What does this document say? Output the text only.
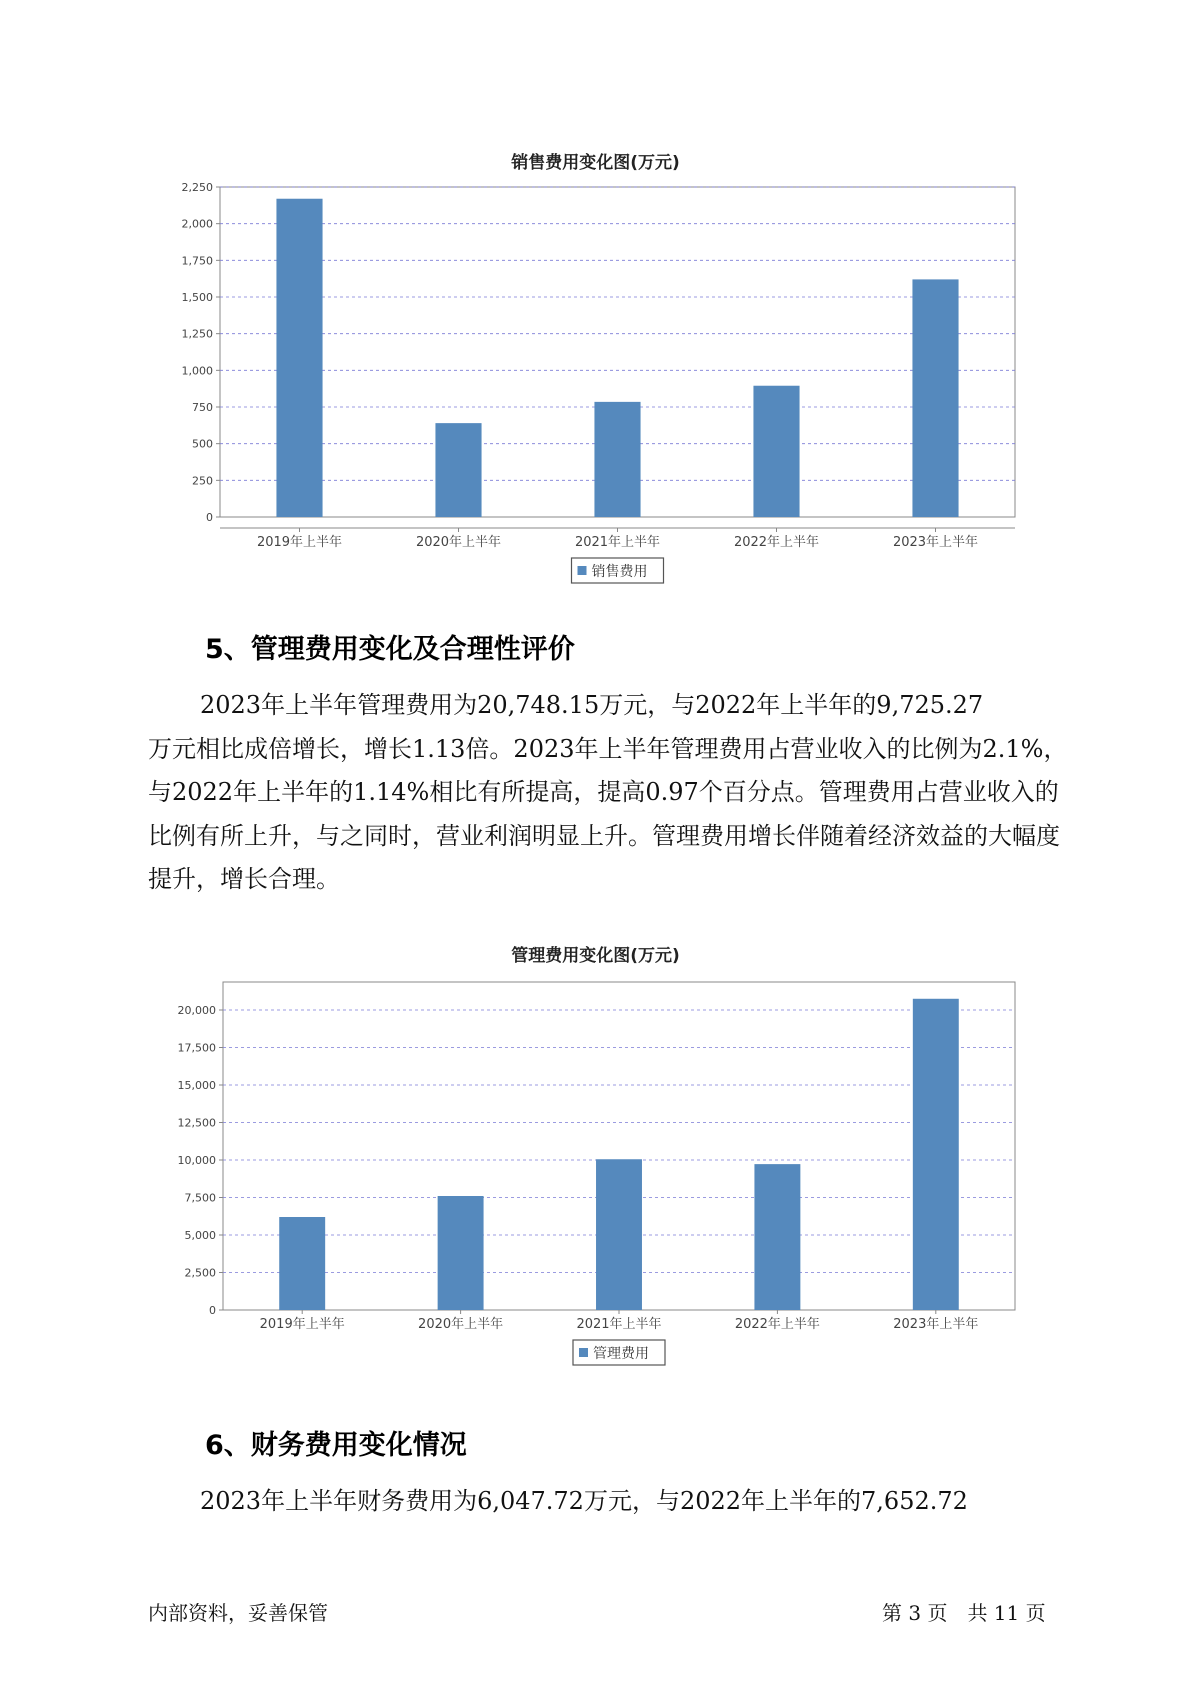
销售费用变化图(万元)
0
250
500
750
1,000
1,250
1,500
1,750
2,000
2,250
2019年上半年	2020年上半年	2021年上半年	2022年上半年	2023年上半年
销售费用
5、管理费用变化及合理性评价

2023年上半年管理费用为20,748.15万元，与2022年上半年的9,725.27
万元相比成倍增长，增长1.13倍。2023年上半年管理费用占营业收入的比例为2.1%，与2022年上半年的1.14%相比有所提高，提高0.97个百分点。管理费用占营业收入的比例有所上升，与之同时，营业利润明显上升。管理费用增长伴随着经济效益的大幅度提升，增长合理。

管理费用变化图(万元)
0
2,500
5,000
7,500
10,000
12,500
15,000
17,500
20,000
2019年上半年	2020年上半年	2021年上半年	2022年上半年	2023年上半年
管理费用
6、财务费用变化情况

2023年上半年财务费用为6,047.72万元，与2022年上半年的7,652.72

内部资料，妥善保管	第 3 页　共 11 页
